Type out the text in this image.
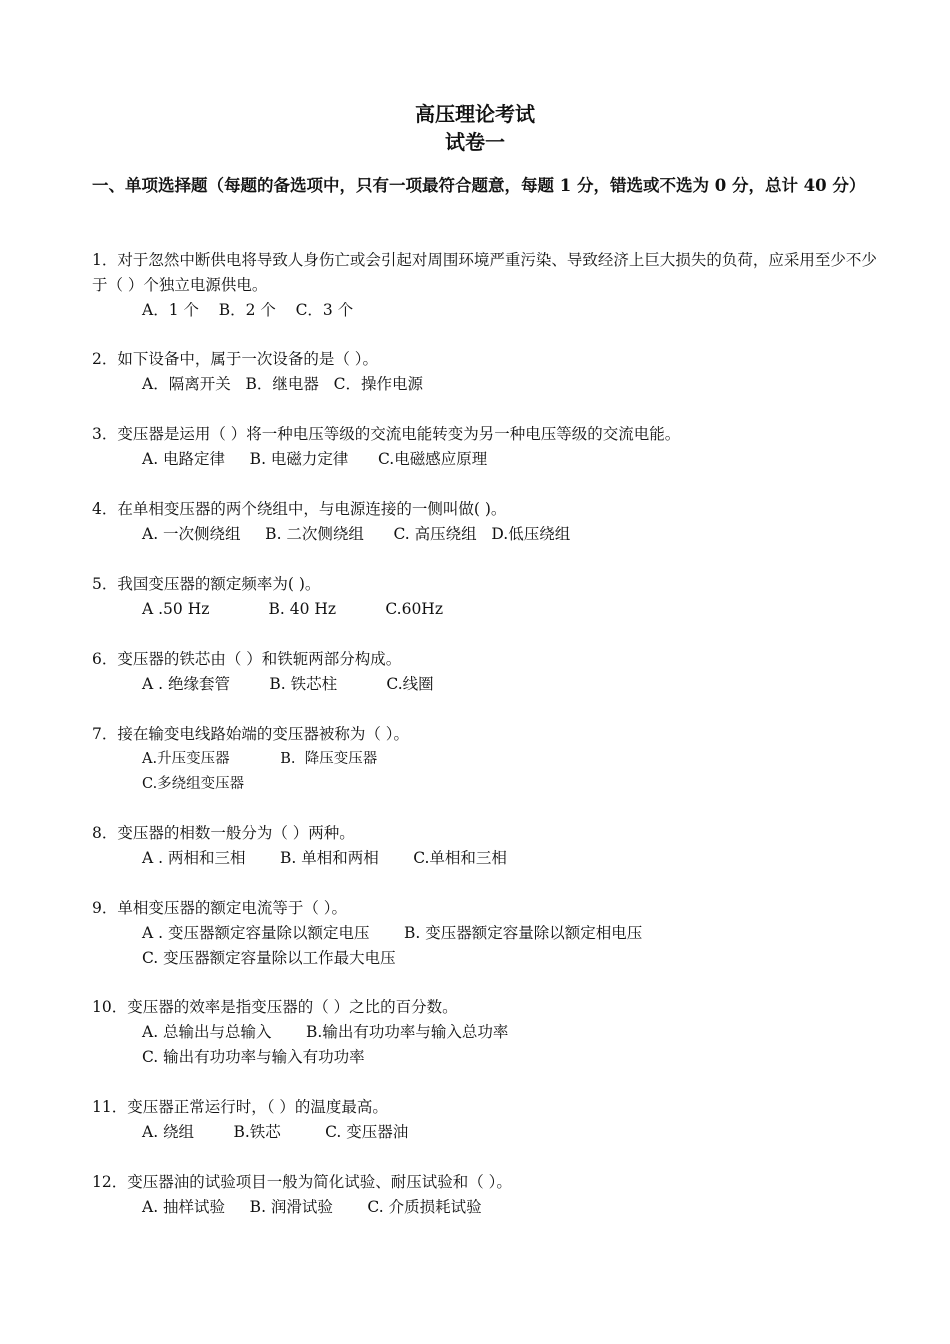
高压理论考试
试卷一
一、单项选择题（每题的备选项中，只有一项最符合题意，每题 1 分，错选或不选为 0 分，总计 40 分）
1．对于忽然中断供电将导致人身伤亡或会引起对周围环境严重污染、导致经济上巨大损失的负荷，应采用至少不少于（ ）个独立电源供电。
A．1 个    B．2 个    C．3 个
2．如下设备中，属于一次设备的是（ ）。
A．隔离开关   B．继电器   C．操作电源
3．变压器是运用（ ）将一种电压等级的交流电能转变为另一种电压等级的交流电能。
A. 电路定律     B. 电磁力定律      C.电磁感应原理
4．在单相变压器的两个绕组中，与电源连接的一侧叫做( )。
A. 一次侧绕组     B. 二次侧绕组      C. 高压绕组   D.低压绕组
5．我国变压器的额定频率为( )。
A .50 Hz            B. 40 Hz          C.60Hz
6．变压器的铁芯由（ ）和铁轭两部分构成。
A . 绝缘套管        B. 铁芯柱          C.线圈
7．接在输变电线路始端的变压器被称为（ ）。
A.升压变压器           B.  降压变压器
C.多绕组变压器
8．变压器的相数一般分为（ ）两种。
A . 两相和三相       B. 单相和两相       C.单相和三相
9．单相变压器的额定电流等于（ ）。
A . 变压器额定容量除以额定电压       B. 变压器额定容量除以额定相电压
C. 变压器额定容量除以工作最大电压
10．变压器的效率是指变压器的（ ）之比的百分数。
A. 总输出与总输入       B.输出有功功率与输入总功率
C. 输出有功功率与输入有功功率
11．变压器正常运行时，（ ）的温度最高。
A. 绕组        B.铁芯         C. 变压器油
12．变压器油的试验项目一般为简化试验、耐压试验和（ ）。
A. 抽样试验     B. 润滑试验       C. 介质损耗试验
